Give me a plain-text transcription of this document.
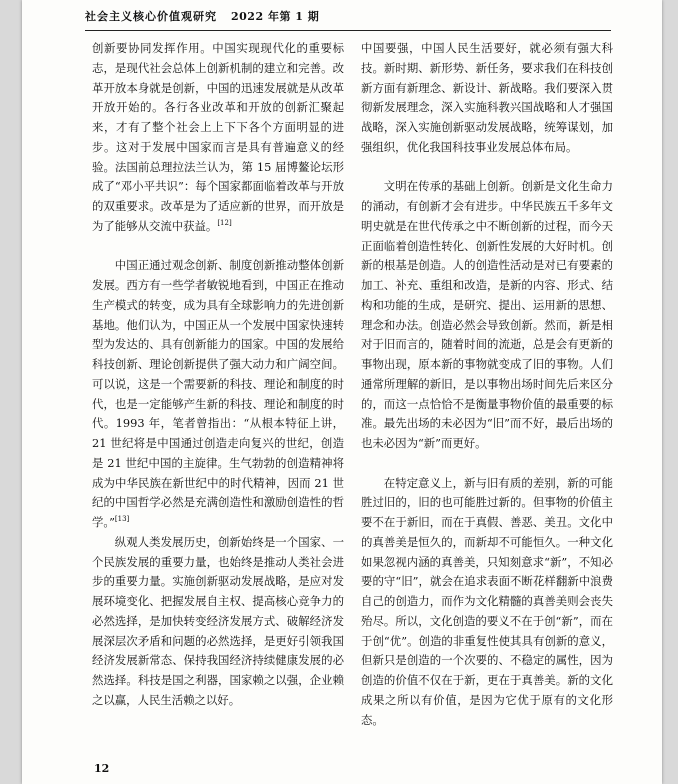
社会主义核心价值观研究 2022 年第 1 期

创新要协同发挥作用。中国实现现代化的重要标志，是现代社会总体上创新机制的建立和完善。改革开放本身就是创新，中国的迅速发展就是从改革开放开始的。各行各业改革和开放的创新汇聚起来，才有了整个社会上上下下各个方面明显的进步。这对于发展中国家而言是具有普遍意义的经验。法国前总理拉法兰认为，第 15 届博鳌论坛形成了“邓小平共识”：每个国家都面临着改革与开放的双重要求。改革是为了适应新的世界，而开放是为了能够从交流中获益。[12]

中国正通过观念创新、制度创新推动整体创新发展。西方有一些学者敏锐地看到，中国正在推动生产模式的转变，成为具有全球影响力的先进创新基地。他们认为，中国正从一个发展中国家快速转型为发达的、具有创新能力的国家。中国的发展给科技创新、理论创新提供了强大动力和广阔空间。可以说，这是一个需要新的科技、理论和制度的时代，也是一定能够产生新的科技、理论和制度的时代。1993 年，笔者曾指出：“从根本特征上讲，21 世纪将是中国通过创造走向复兴的世纪，创造是 21 世纪中国的主旋律。生气勃勃的创造精神将成为中华民族在新世纪中的时代精神，因而 21 世纪的中国哲学必然是充满创造性和激励创造性的哲学。”[13]

纵观人类发展历史，创新始终是一个国家、一个民族发展的重要力量，也始终是推动人类社会进步的重要力量。实施创新驱动发展战略，是应对发展环境变化、把握发展自主权、提高核心竞争力的必然选择，是加快转变经济发展方式、破解经济发展深层次矛盾和问题的必然选择，是更好引领我国经济发展新常态、保持我国经济持续健康发展的必然选择。科技是国之利器，国家赖之以强，企业赖之以赢，人民生活赖之以好。

中国要强，中国人民生活要好，就必须有强大科技。新时期、新形势、新任务，要求我们在科技创新方面有新理念、新设计、新战略。我们要深入贯彻新发展理念，深入实施科教兴国战略和人才强国战略，深入实施创新驱动发展战略，统筹谋划，加强组织，优化我国科技事业发展总体布局。

文明在传承的基础上创新。创新是文化生命力的涌动，有创新才会有进步。中华民族五千多年文明史就是在世代传承之中不断创新的过程，而今天正面临着创造性转化、创新性发展的大好时机。创新的根基是创造。人的创造性活动是对已有要素的加工、补充、重组和改造，是新的内容、形式、结构和功能的生成，是研究、提出、运用新的思想、理念和办法。创造必然会导致创新。然而，新是相对于旧而言的，随着时间的流逝，总是会有更新的事物出现，原本新的事物就变成了旧的事物。人们通常所理解的新旧，是以事物出场时间先后来区分的，而这一点恰恰不是衡量事物价值的最重要的标准。最先出场的未必因为“旧”而不好，最后出场的也未必因为“新”而更好。

在特定意义上，新与旧有质的差别，新的可能胜过旧的，旧的也可能胜过新的。但事物的价值主要不在于新旧，而在于真假、善恶、美丑。文化中的真善美是恒久的，而新却不可能恒久。一种文化如果忽视内涵的真善美，只知刻意求“新”，不知必要的守“旧”，就会在追求表面不断花样翻新中浪费自己的创造力，而作为文化精髓的真善美则会丧失殆尽。所以，文化创造的要义不在于创“新”，而在于创“优”。创造的非重复性使其具有创新的意义，但新只是创造的一个次要的、不稳定的属性，因为创造的价值不仅在于新，更在于真善美。新的文化成果之所以有价值，是因为它优于原有的文化形态。

12
